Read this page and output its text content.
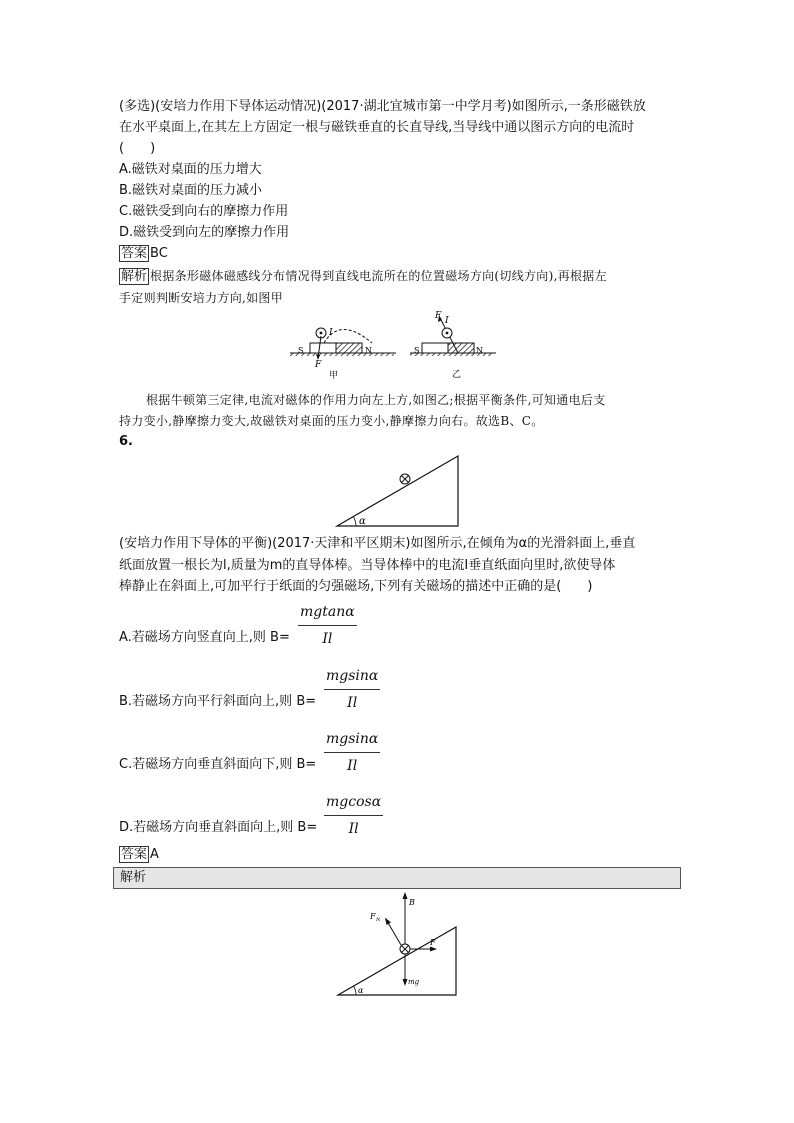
(多选)(安培力作用下导体运动情况)(2017·湖北宜城市第一中学月考)如图所示,一条形磁铁放
在水平桌面上,在其左上方固定一根与磁铁垂直的长直导线,当导线中通以图示方向的电流时
(　　)
A.磁铁对桌面的压力增大
B.磁铁对桌面的压力减小
C.磁铁受到向右的摩擦力作用
D.磁铁受到向左的摩擦力作用
答案 BC
解析 根据条形磁体磁感线分布情况得到直线电流所在的位置磁场方向(切线方向),再根据左
手定则判断安培力方向,如图甲
S	N
I
F
甲
S	N
I
F
乙
根据牛顿第三定律,电流对磁体的作用力向左上方,如图乙;根据平衡条件,可知通电后支
持力变小,静摩擦力变大,故磁铁对桌面的压力变小,静摩擦力向右。故选B、C。
6.
α
(安培力作用下导体的平衡)(2017·天津和平区期末)如图所示,在倾角为α的光滑斜面上,垂直
纸面放置一根长为l,质量为m的直导体棒。当导体棒中的电流I垂直纸面向里时,欲使导体
棒静止在斜面上,可加平行于纸面的匀强磁场,下列有关磁场的描述中正确的是(　　)
A.若磁场方向竖直向上,则 $B= \frac{mgtan\alpha}{Il}$
B.若磁场方向平行斜面向上,则 $B= \frac{mgsin\alpha}{Il}$
C.若磁场方向垂直斜面向下,则 $B= \frac{mgsin\alpha}{Il}$
D.若磁场方向垂直斜面向上,则 $B= \frac{mgcos\alpha}{Il}$
答案 A
解析
B
F N
F
mg
α
